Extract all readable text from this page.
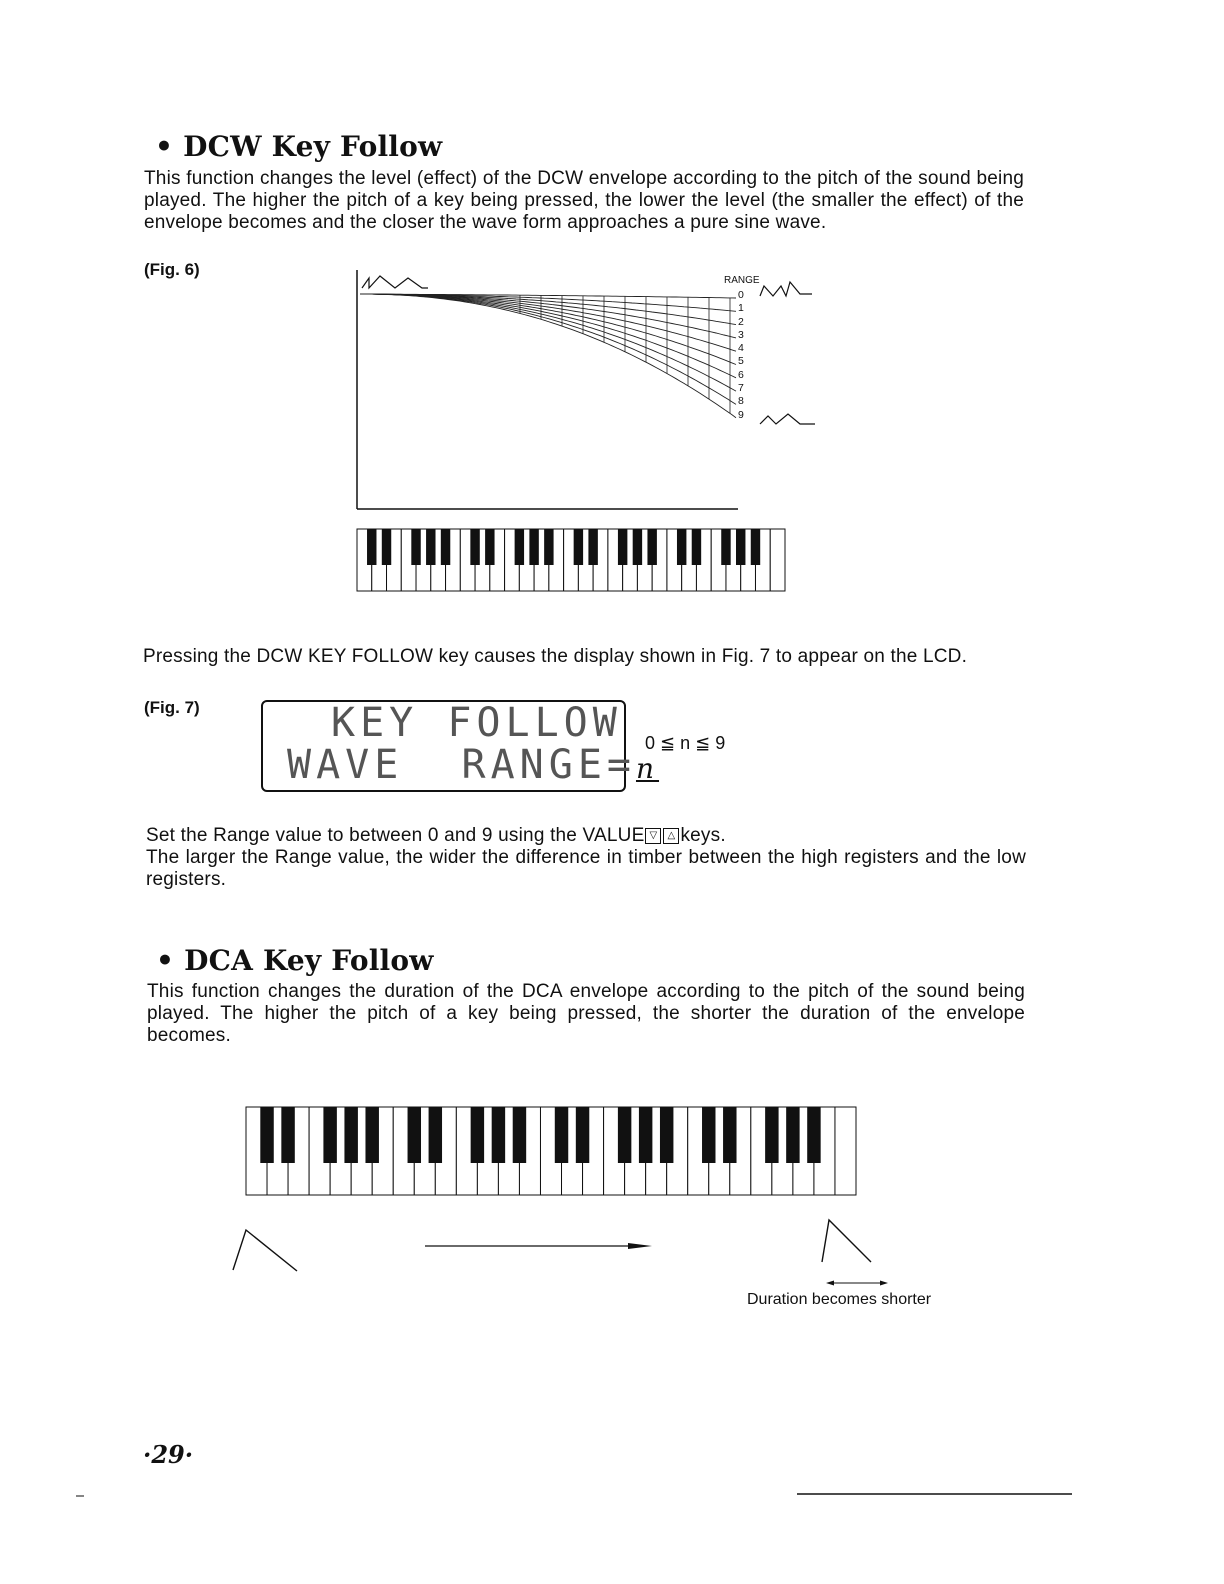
• DCW Key Follow

This function changes the level (effect) of the DCW envelope according to the pitch of the sound being played. The higher the pitch of a key being pressed, the lower the level (the smaller the effect) of the envelope becomes and the closer the wave form approaches a pure sine wave.

(Fig. 6)
RANGE
0
1
2
3
4
5
6
7
8
9
Pressing the DCW KEY FOLLOW key causes the display shown in Fig. 7 to appear on the LCD.
(Fig. 7)	KEY FOLLOW
WAVE  RANGE=n
0 ≦ n ≦ 9

Set the Range value to between 0 and 9 using the VALUE ▽ △ keys.

The larger the Range value, the wider the difference in timber between the high registers and the low registers.

• DCA Key Follow

This function changes the duration of the DCA envelope according to the pitch of the sound being played. The higher the pitch of a key being pressed, the shorter the duration of the envelope becomes.

Duration becomes shorter
·29·
